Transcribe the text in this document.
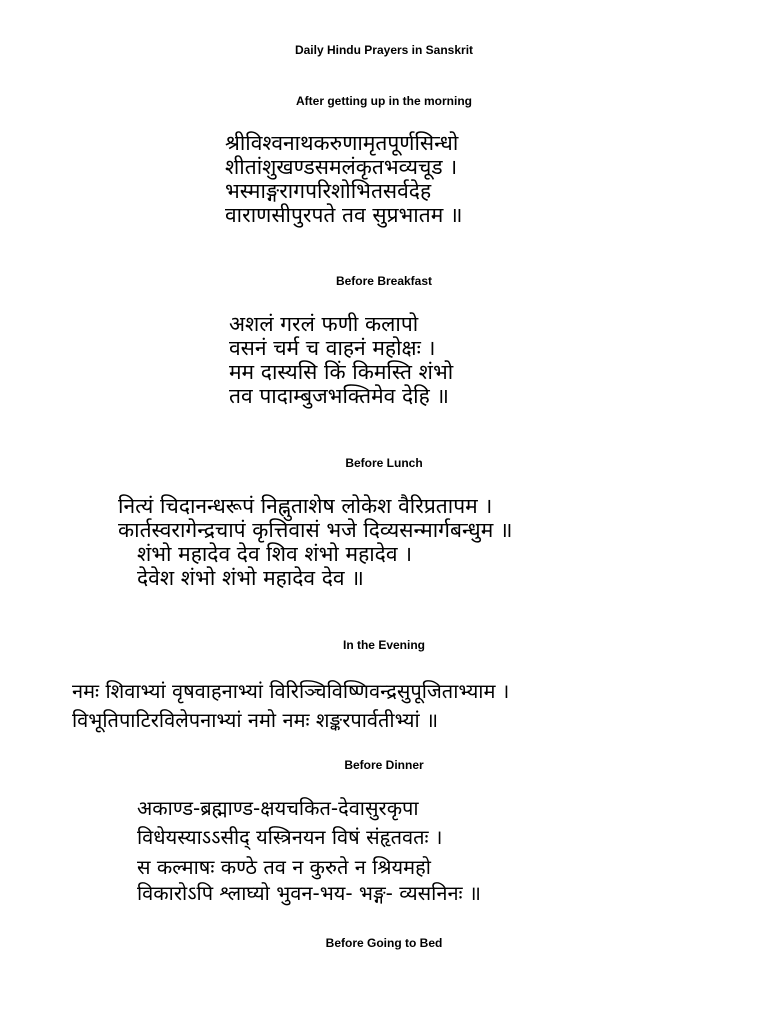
Daily Hindu Prayers in Sanskrit
After getting up in the morning
श्रीविश्वनाथकरुणामृतपूर्णसिन्धो
शीतांशुखण्डसमलंकृतभव्यचूड ।
भस्माङ्गरागपरिशोभितसर्वदेह
वाराणसीपुरपते तव सुप्रभातम ॥
Before Breakfast
अशलं गरलं फणी कलापो
वसनं चर्म च वाहनं महोक्षः ।
मम दास्यसि किं किमस्ति शंभो
तव पादाम्बुजभक्तिमेव देहि ॥
Before Lunch
नित्यं चिदानन्धरूपं निह्नुताशेष लोकेश वैरिप्रतापम ।
कार्तस्वरागेन्द्रचापं कृत्तिवासं भजे दिव्यसन्मार्गबन्धुम ॥
शंभो महादेव देव शिव शंभो महादेव ।
देवेश शंभो शंभो महादेव देव ॥
In the Evening
नमः शिवाभ्यां वृषवाहनाभ्यां विरिञ्चिविष्णिवन्द्रसुपूजिताभ्याम ।
विभूतिपाटिरविलेपनाभ्यां नमो नमः शङ्करपार्वतीभ्यां ॥
Before Dinner
अकाण्ड-ब्रह्माण्ड-क्षयचकित-देवासुरकृपा
विधेयस्याऽऽसीद् यस्त्रिनयन विषं संहृतवतः ।
स कल्माषः कण्ठे तव न कुरुते न श्रियमहो
विकारोऽपि श्लाघ्यो भुवन-भय- भङ्ग- व्यसनिनः ॥
Before Going to Bed
